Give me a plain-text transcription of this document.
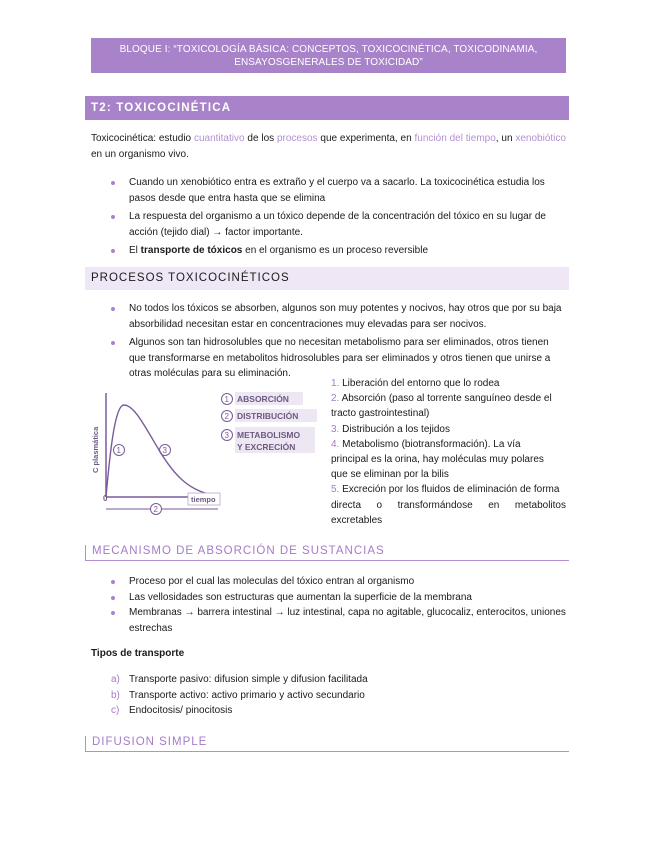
BLOQUE I: “TOXICOLOGÍA BÁSICA: CONCEPTOS, TOXICOCINÉTICA, TOXICODINAMIA,
ENSAYOSGENERALES DE TOXICIDAD”
T2: TOXICOCINÉTICA
Toxicocinética: estudio cuantitativo de los procesos que experimenta, en función del tiempo, un xenobiótico en un organismo vivo.
Cuando un xenobiótico entra es extraño y el cuerpo va a sacarlo. La toxicocinética estudia los pasos desde que entra hasta que se elimina
La respuesta del organismo a un tóxico depende de la concentración del tóxico en su lugar de acción (tejido dial) → factor importante.
El transporte de tóxicos en el organismo es un proceso reversible
PROCESOS TOXICOCINÉTICOS
No todos los tóxicos se absorben, algunos son muy potentes y nocivos, hay otros que por su baja absorbilidad necesitan estar en concentraciones muy elevadas para ser nocivos.
Algunos son tan hidrosolubles que no necesitan metabolismo para ser eliminados, otros tienen que transformarse en metabolitos hidrosolubles para ser eliminados y otros tienen que unirse a otras moléculas para su eliminación.
C plasmática
0	tiempo
1	3
2
1 ABSORCIÓN
2 DISTRIBUCIÓN
3 METABOLISMO
Y EXCRECIÓN
1. Liberación del entorno que lo rodea
2. Absorción (paso al torrente sanguíneo desde el
tracto gastrointestinal)
3. Distribución a los tejidos
4. Metabolismo (biotransformación). La vía
principal es la orina, hay moléculas muy polares
que se eliminan por la bilis
5. Excreción por los fluidos de eliminación de forma
directa o transformándose en metabolitos
excretables
MECANISMO DE ABSORCIÓN DE SUSTANCIAS
Proceso por el cual las moleculas del tóxico entran al organismo
Las vellosidades son estructuras que aumentan la superficie de la membrana
Membranas → barrera intestinal → luz intestinal, capa no agitable, glucocaliz, enterocitos, uniones estrechas
Tipos de transporte
a) Transporte pasivo: difusion simple y difusion facilitada
b) Transporte activo: activo primario y activo secundario
c) Endocitosis/ pinocitosis
DIFUSION SIMPLE
